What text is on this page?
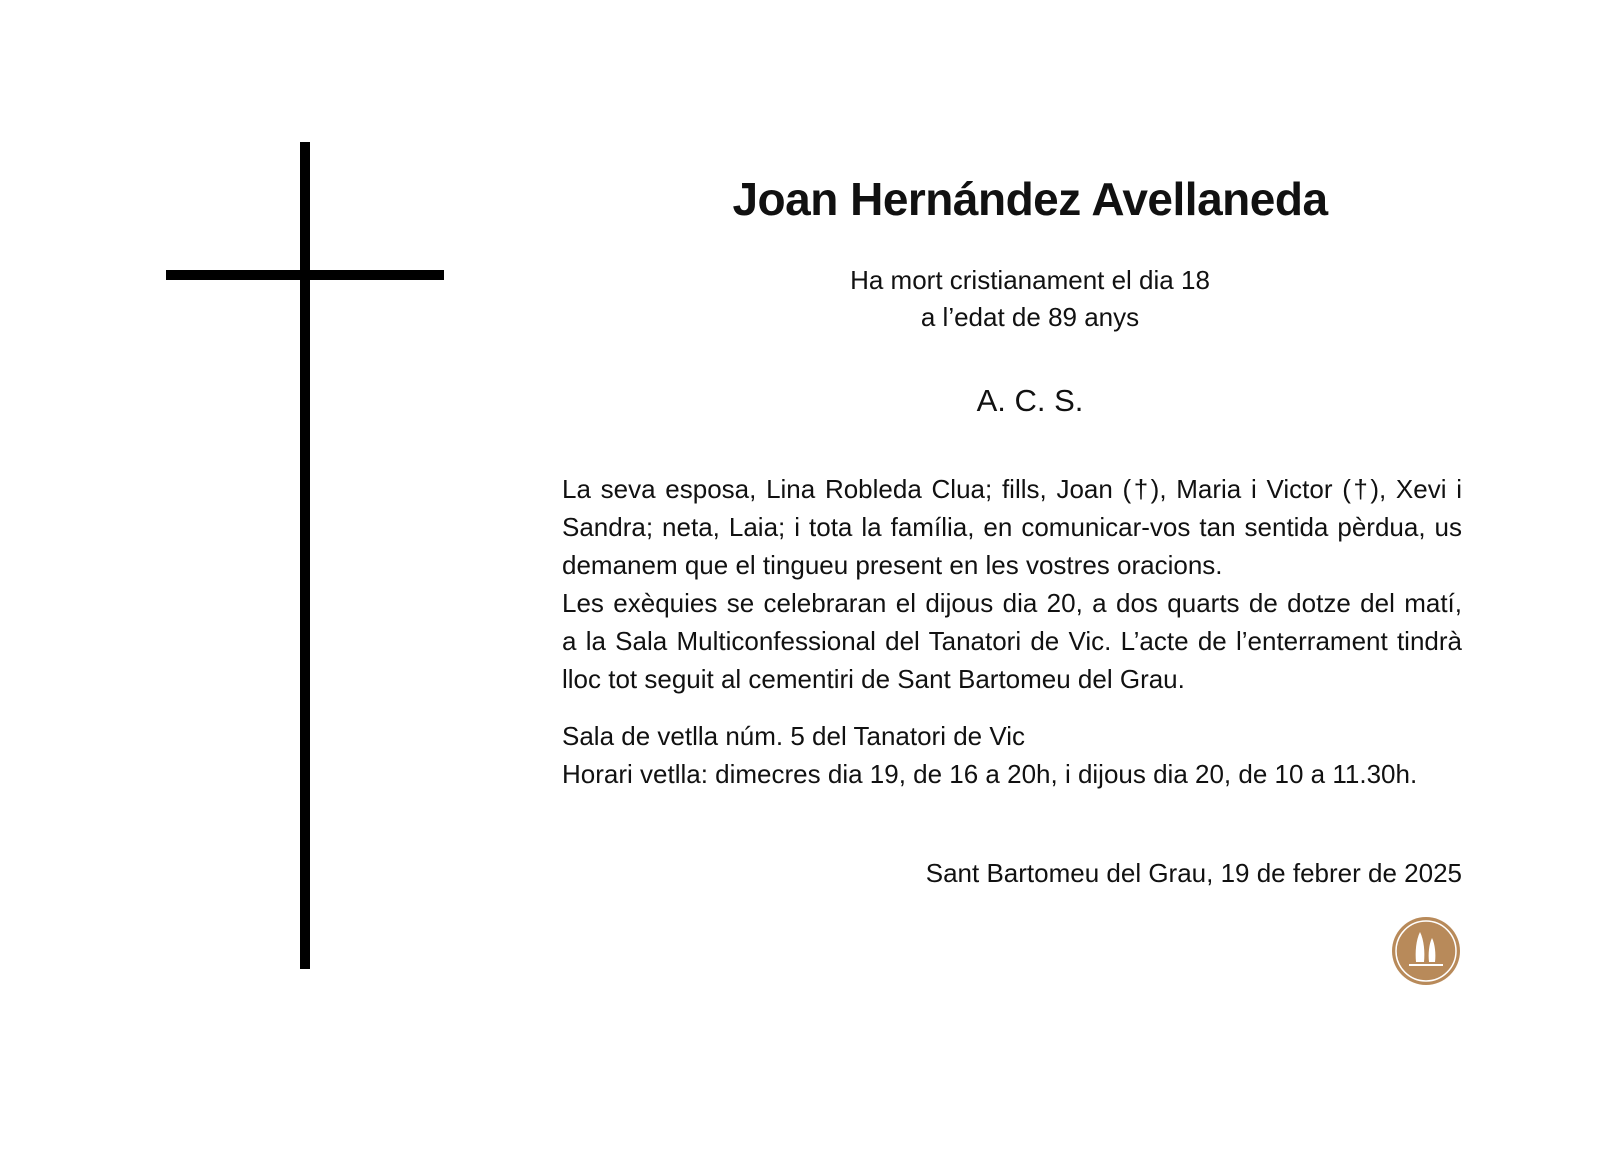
Joan Hernández Avellaneda
Ha mort cristianament el dia 18
a l’edat de 89 anys
A. C. S.
La seva esposa, Lina Robleda Clua; fills, Joan (†), Maria i Victor (†), Xevi i
Sandra; neta, Laia; i tota la família, en comunicar-vos tan sentida pèrdua, us
demanem que el tingueu present en les vostres oracions.
Les exèquies se celebraran el dijous dia 20, a dos quarts de dotze del matí,
a la Sala Multiconfessional del Tanatori de Vic. L’acte de l’enterrament tindrà
lloc tot seguit al cementiri de Sant Bartomeu del Grau.
Sala de vetlla núm. 5 del Tanatori de Vic
Horari vetlla: dimecres dia 19, de 16 a 20h, i dijous dia 20, de 10 a 11.30h.
Sant Bartomeu del Grau, 19 de febrer de 2025
